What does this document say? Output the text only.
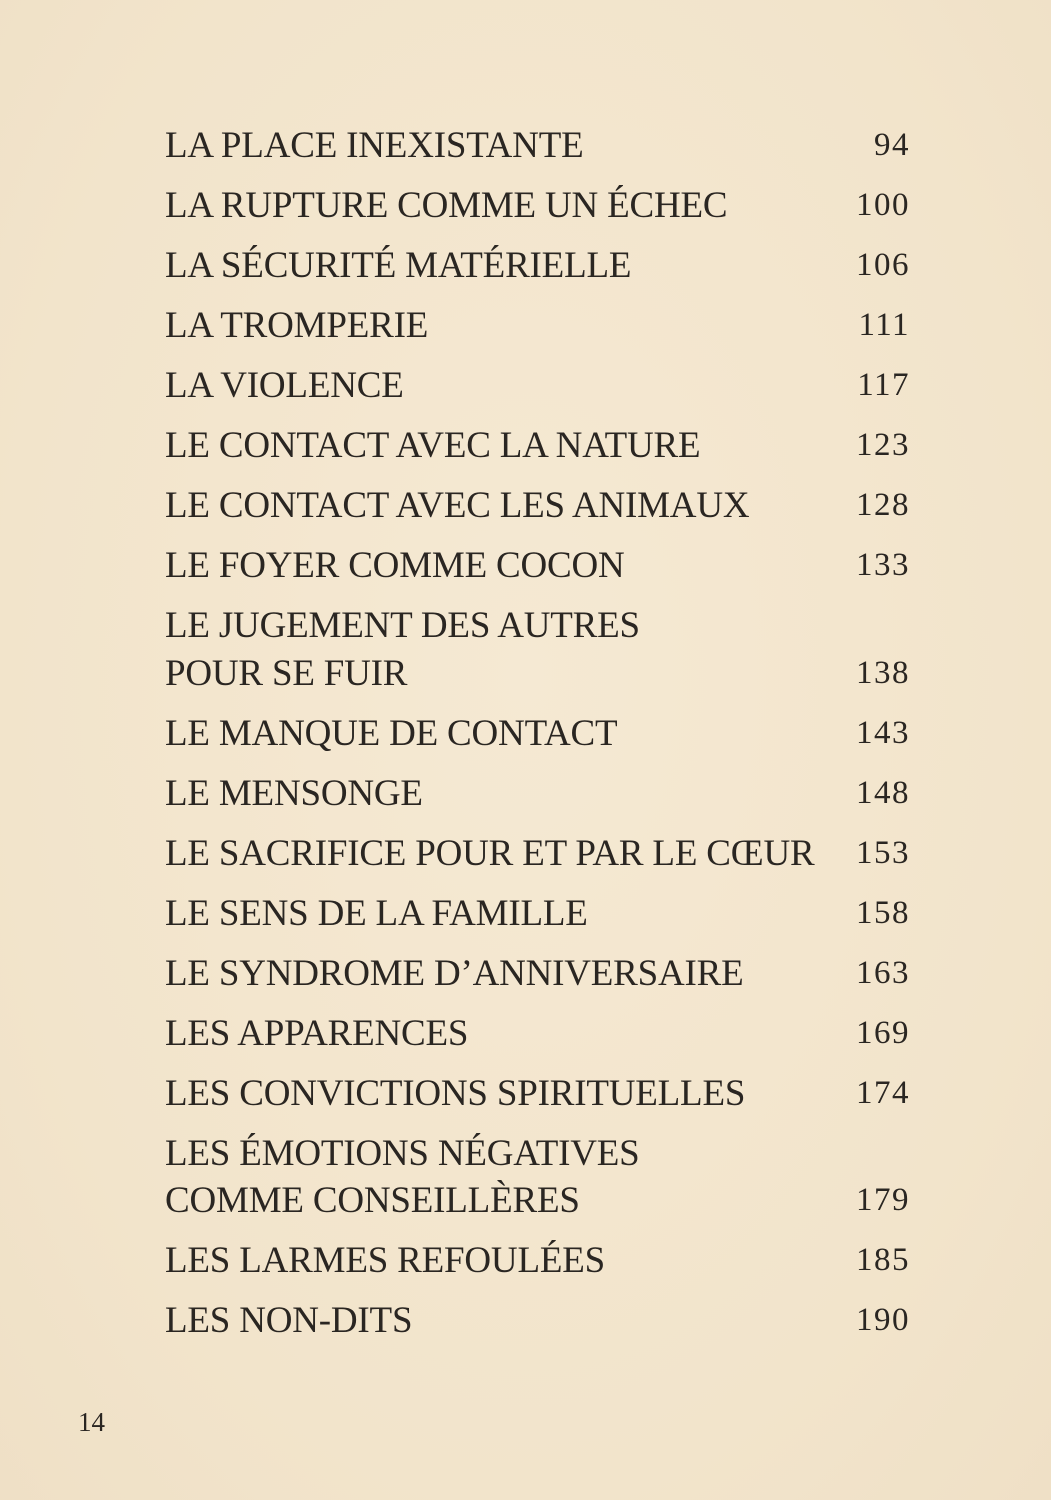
LA PLACE INEXISTANTE	94
LA RUPTURE COMME UN ÉCHEC	100
LA SÉCURITÉ MATÉRIELLE	106
LA TROMPERIE	111
LA VIOLENCE	117
LE CONTACT AVEC LA NATURE	123
LE CONTACT AVEC LES ANIMAUX	128
LE FOYER COMME COCON	133
LE JUGEMENT DES AUTRES
POUR SE FUIR	138
LE MANQUE DE CONTACT	143
LE MENSONGE	148
LE SACRIFICE POUR ET PAR LE CŒUR 153
LE SENS DE LA FAMILLE	158
LE SYNDROME D’ANNIVERSAIRE	163
LES APPARENCES	169
LES CONVICTIONS SPIRITUELLES	174
LES ÉMOTIONS NÉGATIVES
COMME CONSEILLÈRES	179
LES LARMES REFOULÉES	185
LES NON-DITS	190
14
